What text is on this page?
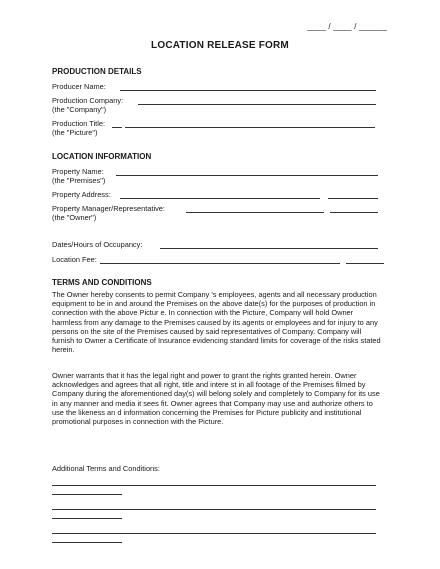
____ / ____ / ______
LOCATION RELEASE FORM
PRODUCTION DETAILS
Producer Name:
Production Company:
(the "Company")
Production Title:
(the "Picture")
LOCATION INFORMATION
Property Name:
(the "Premises")
Property Address:
Property Manager/Representative:
(the "Owner")
Dates/Hours of Occupancy:
Location Fee:
TERMS AND CONDITIONS
The Owner hereby consents to permit Company 's employees, agents and all necessary production equipment to be in and around the Premises on the above date(s) for the purposes of production in connection with the above Pictur e. In connection with the Picture, Company will hold Owner harmless from any damage to the Premises caused by its agents or employees and for injury to any persons on the site of the Premises caused by said representatives of Company. Company will furnish to Owner a Certificate of Insurance evidencing standard limits for coverage of the risks stated herein.
Owner warrants that it has the legal right and power to grant the rights granted herein. Owner acknowledges and agrees that all right, title and intere st in all footage of the Premises filmed by Company during the aforementioned day(s) will belong solely and completely to Company for its use in any manner and media it sees fit. Owner agrees that Company may use and authorize others to use the likeness an d information concerning the Premises for Picture publicity and institutional promotional purposes in connection with the Picture.
Additional Terms and Conditions:
